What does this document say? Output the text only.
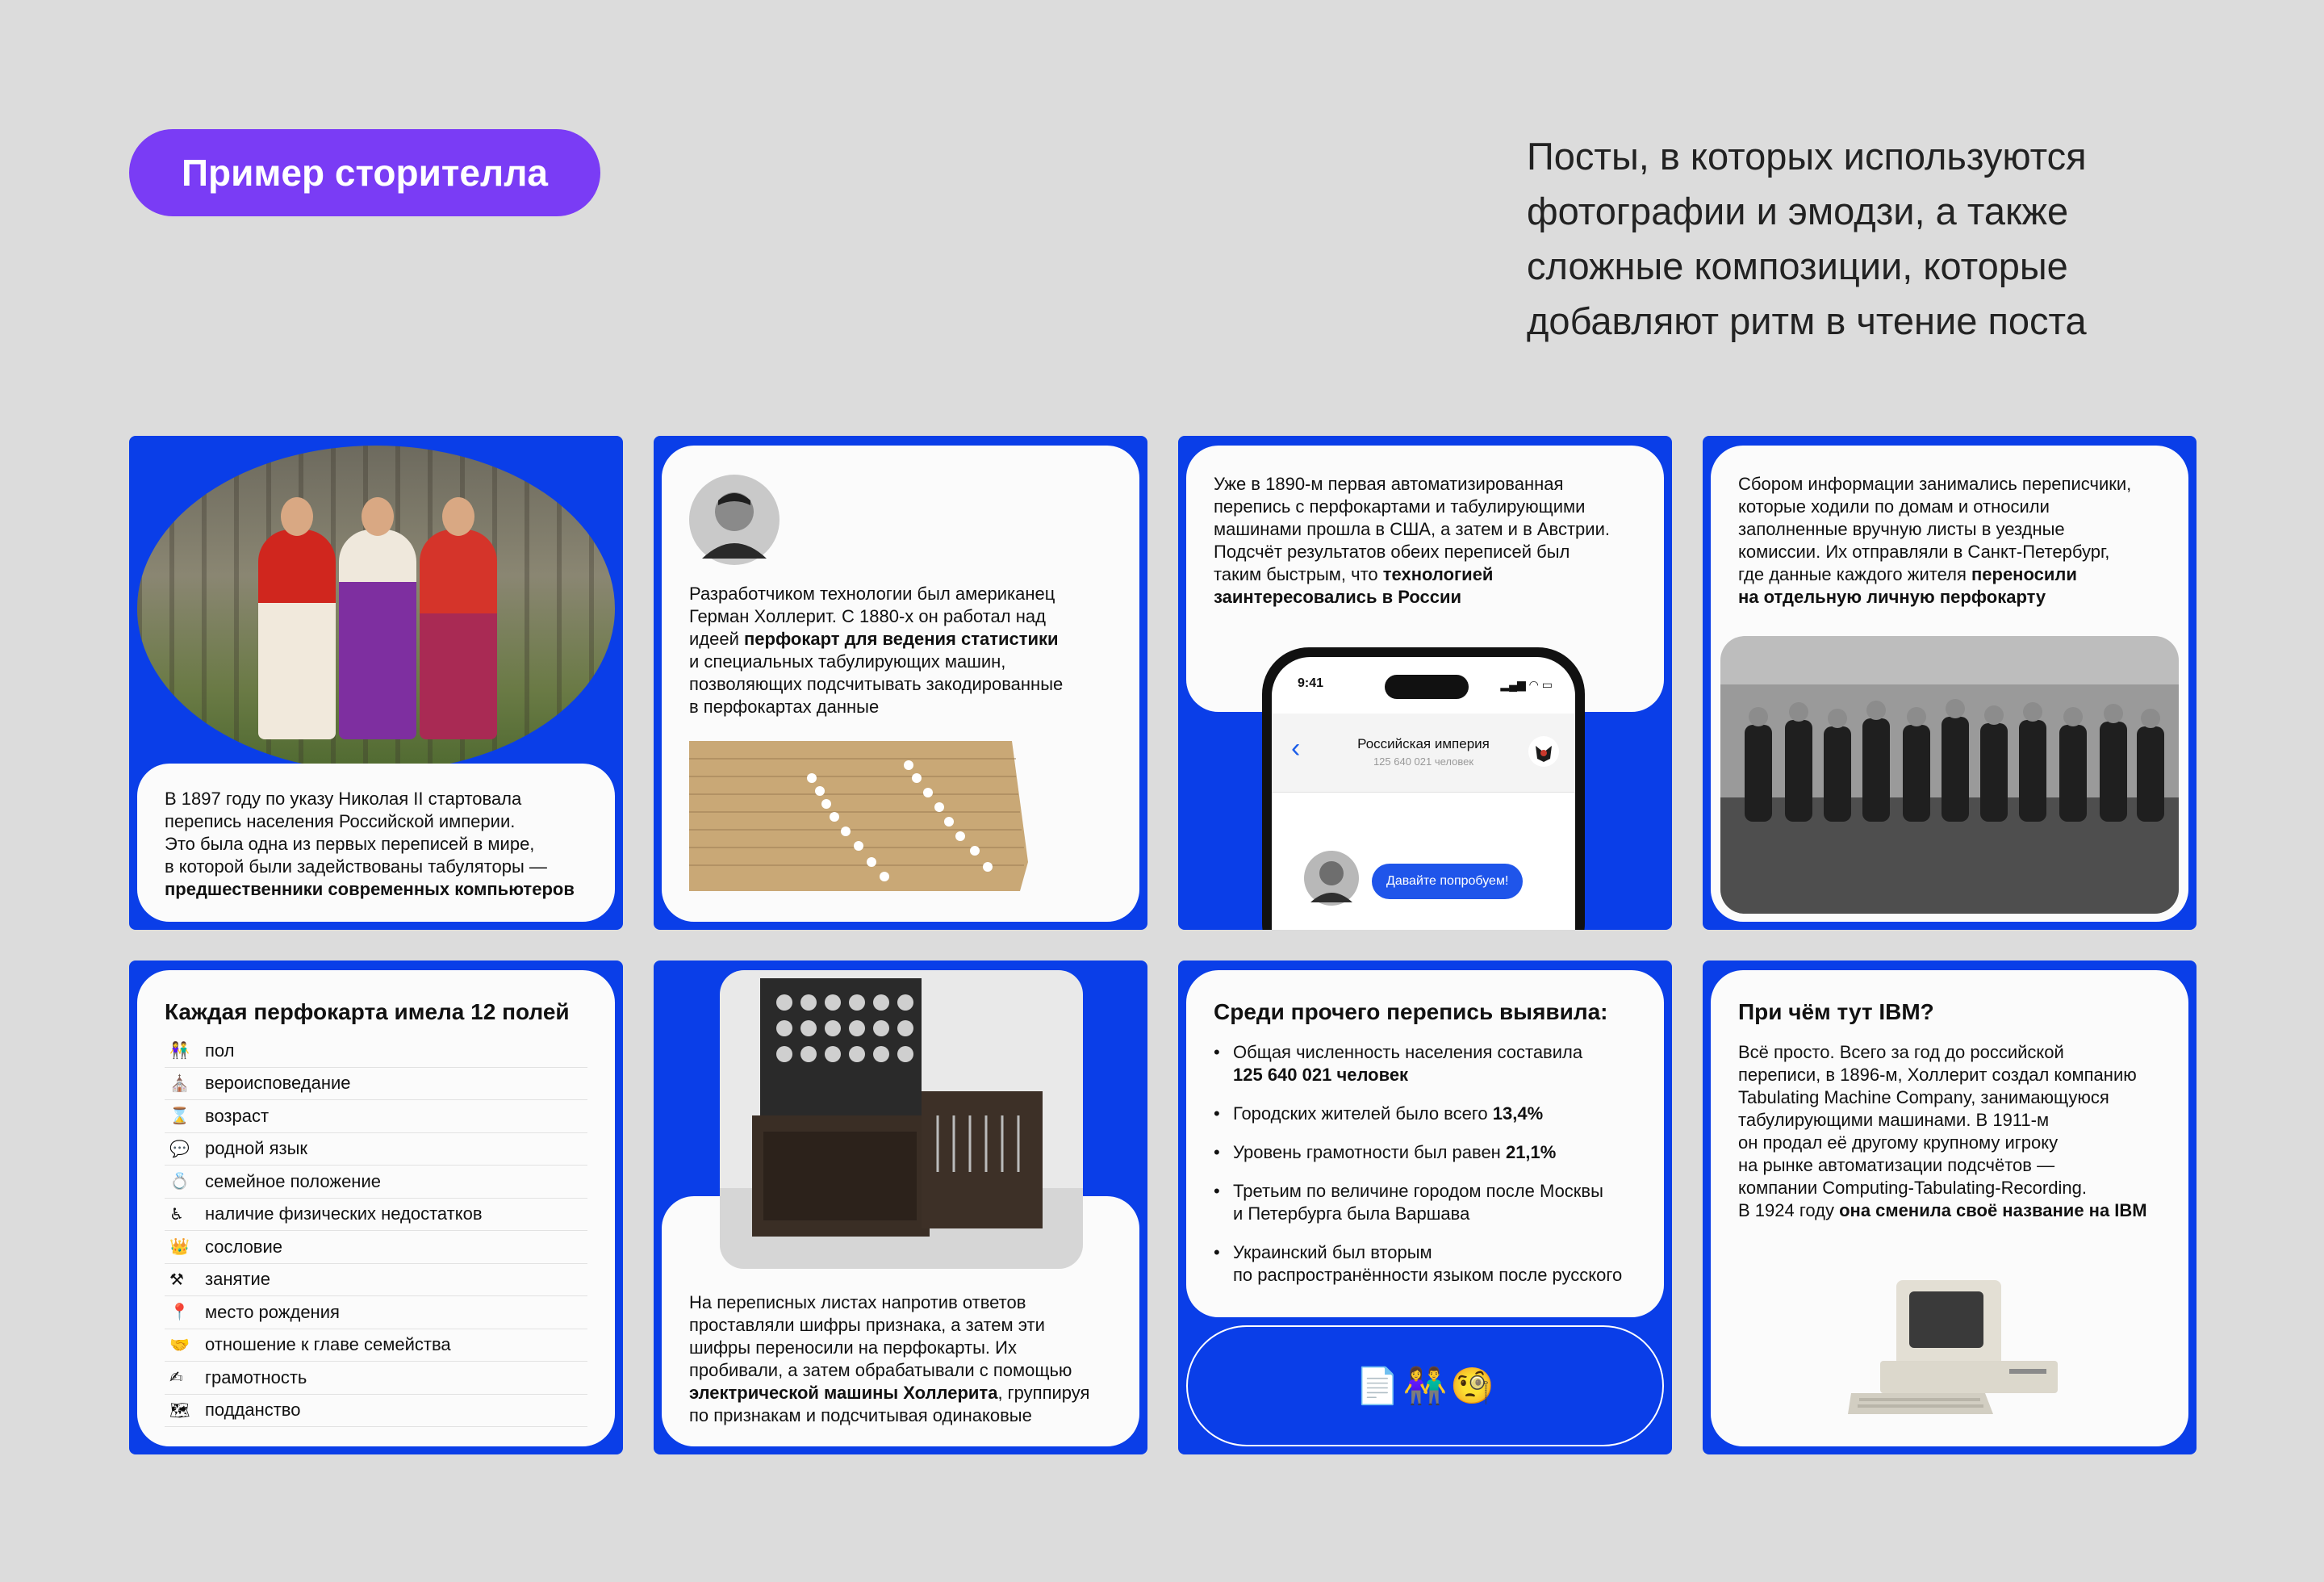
Пример сторителла	Посты, в которых используются
фотографии и эмодзи, а также
сложные композиции, которые
добавляют ритм в чтение поста
В 1897 году по указу Николая II стартовала
перепись населения Российской империи.
Это была одна из первых переписей в мире,
в которой были задействованы табуляторы —
предшественники современных компьютеров
Разработчиком технологии был американец
Герман Холлерит. С 1880-х он работал над
идеей перфокарт для ведения статистики
и специальных табулирующих машин,
позволяющих подсчитывать закодированные
в перфокартах данные
Уже в 1890-м первая автоматизированная
перепись с перфокартами и табулирующими
машинами прошла в США, а затем и в Австрии.
Подсчёт результатов обеих переписей был
таким быстрым, что технологией
заинтересовались в России
9:41	▂▄▆ ◠ ▭
‹	Российская империя
125 640 021 человек
Давайте попробуем!
Сбором информации занимались переписчики,
которые ходили по домам и относили
заполненные вручную листы в уездные
комиссии. Их отправляли в Санкт-Петербург,
где данные каждого жителя переносили
на отдельную личную перфокарту
Каждая перфокарта имела 12 полей
👫 пол
⛪ вероисповедание
⌛ возраст
💬 родной язык
💍 семейное положение
♿	наличие физических недостатков
👑 сословие
⚒	занятие
📍 место рождения
🤝 отношение к главе семейства
✍	грамотность
🗺 подданство
На переписных листах напротив ответов
проставляли шифры признака, а затем эти
шифры переносили на перфокарты. Их
пробивали, а затем обрабатывали с помощью
электрической машины Холлерита, группируя
по признакам и подсчитывая одинаковые
Среди прочего перепись выявила:
• Общая численность населения составила
125 640 021 человек
• Городских жителей было всего 13,4%
• Уровень грамотности был равен 21,1%
• Третьим по величине городом после Москвы
и Петербурга была Варшава
• Украинский был вторым
по распространённости языком после русского
📄 👫 🧐
При чём тут IBM?
Всё просто. Всего за год до российской
переписи, в 1896-м, Холлерит создал компанию
Tabulating Machine Company, занимающуюся
табулирующими машинами. В 1911-м
он продал её другому крупному игроку
на рынке автоматизации подсчётов —
компании Computing-Tabulating-Recording.
В 1924 году она сменила своё название на IBM
